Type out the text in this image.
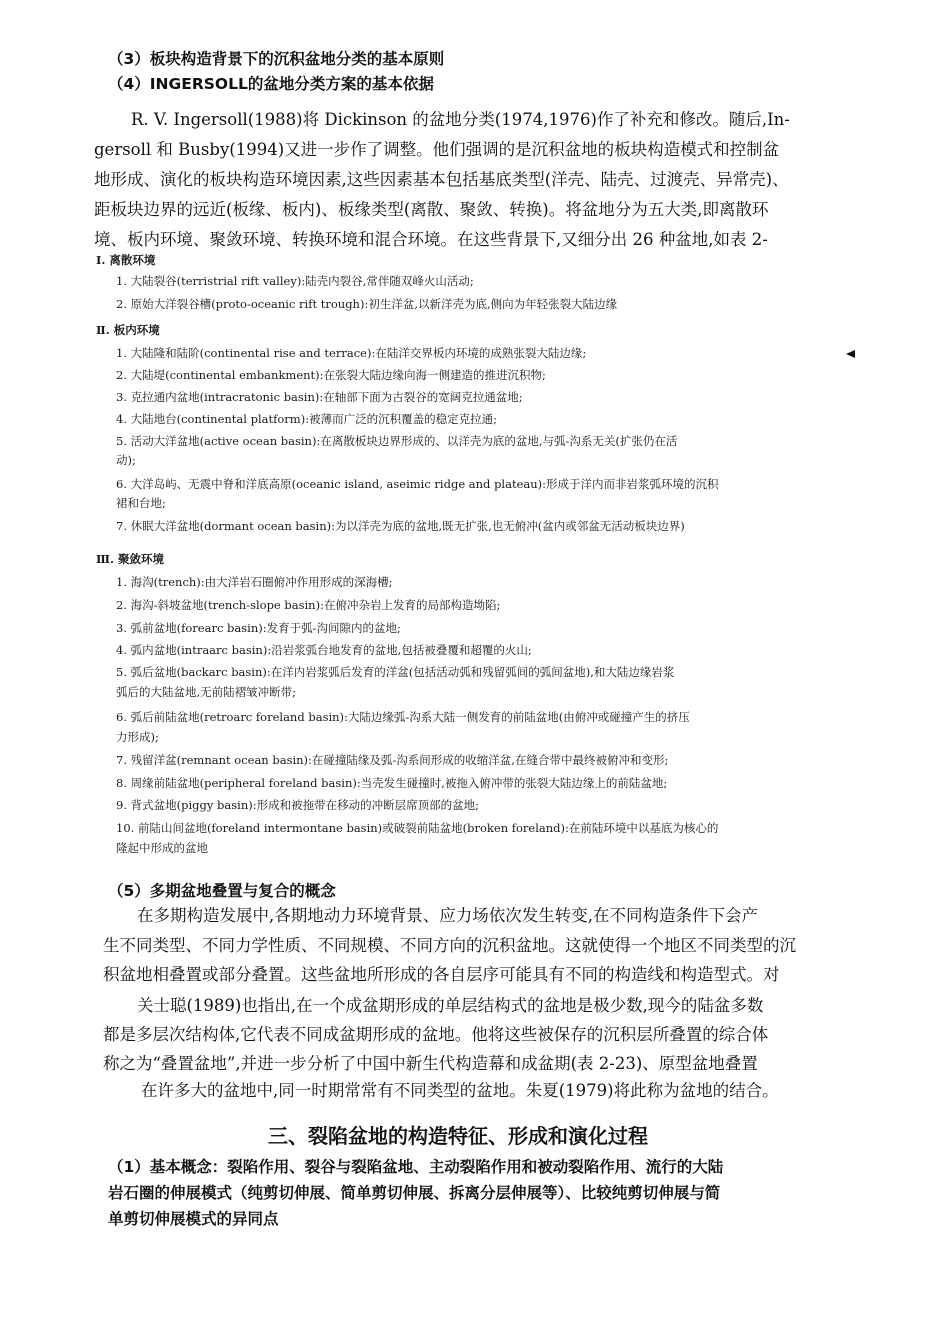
（3）板块构造背景下的沉积盆地分类的基本原则
（4）INGERSOLL的盆地分类方案的基本依据
R. V. Ingersoll(1988)将 Dickinson 的盆地分类(1974,1976)作了补充和修改。随后,In-
gersoll 和 Busby(1994)又进一步作了调整。他们强调的是沉积盆地的板块构造模式和控制盆
地形成、演化的板块构造环境因素,这些因素基本包括基底类型(洋壳、陆壳、过渡壳、异常壳)、
距板块边界的远近(板缘、板内)、板缘类型(离散、聚敛、转换)。将盆地分为五大类,即离散环
境、板内环境、聚敛环境、转换环境和混合环境。在这些背景下,又细分出 26 种盆地,如表 2-
Ⅰ. 离散环境
1. 大陆裂谷(terristrial rift valley):陆壳内裂谷,常伴随双峰火山活动;
2. 原始大洋裂谷槽(proto-oceanic rift trough):初生洋盆,以新洋壳为底,侧向为年轻张裂大陆边缘
Ⅱ. 板内环境
1. 大陆隆和陆阶(continental rise and terrace):在陆洋交界板内环境的成熟张裂大陆边缘;
2. 大陆堤(continental embankment):在张裂大陆边缘向海一侧建造的推进沉积物;
3. 克拉通内盆地(intracratonic basin):在轴部下面为古裂谷的宽阔克拉通盆地;
4. 大陆地台(continental platform):被薄而广泛的沉积覆盖的稳定克拉通;
5. 活动大洋盆地(active ocean basin):在离散板块边界形成的、以洋壳为底的盆地,与弧-沟系无关(扩张仍在活
动);
6. 大洋岛屿、无震中脊和洋底高原(oceanic island, aseimic ridge and plateau):形成于洋内而非岩浆弧环境的沉积
裙和台地;
7. 休眠大洋盆地(dormant ocean basin):为以洋壳为底的盆地,既无扩张,也无俯冲(盆内或邻盆无活动板块边界)
Ⅲ. 聚敛环境
1. 海沟(trench):由大洋岩石圈俯冲作用形成的深海槽;
2. 海沟-斜坡盆地(trench-slope basin):在俯冲杂岩上发育的局部构造坳陷;
3. 弧前盆地(forearc basin):发育于弧-沟间隙内的盆地;
4. 弧内盆地(intraarc basin):沿岩浆弧台地发育的盆地,包括被叠覆和超覆的火山;
5. 弧后盆地(backarc basin):在洋内岩浆弧后发育的洋盆(包括活动弧和残留弧间的弧间盆地),和大陆边缘岩浆
弧后的大陆盆地,无前陆褶皱冲断带;
6. 弧后前陆盆地(retroarc foreland basin):大陆边缘弧-沟系大陆一侧发育的前陆盆地(由俯冲或碰撞产生的挤压
力形成);
7. 残留洋盆(remnant ocean basin):在碰撞陆缘及弧-沟系间形成的收缩洋盆,在缝合带中最终被俯冲和变形;
8. 周缘前陆盆地(peripheral foreland basin):当壳发生碰撞时,被拖入俯冲带的张裂大陆边缘上的前陆盆地;
9. 背式盆地(piggy basin):形成和被拖带在移动的冲断层席顶部的盆地;
10. 前陆山间盆地(foreland intermontane basin)或破裂前陆盆地(broken foreland):在前陆环境中以基底为核心的
隆起中形成的盆地
（5）多期盆地叠置与复合的概念
在多期构造发展中,各期地动力环境背景、应力场依次发生转变,在不同构造条件下会产
生不同类型、不同力学性质、不同规模、不同方向的沉积盆地。这就使得一个地区不同类型的沉
积盆地相叠置或部分叠置。这些盆地所形成的各自层序可能具有不同的构造线和构造型式。对
关士聪(1989)也指出,在一个成盆期形成的单层结构式的盆地是极少数,现今的陆盆多数
都是多层次结构体,它代表不同成盆期形成的盆地。他将这些被保存的沉积层所叠置的综合体
称之为“叠置盆地”,并进一步分析了中国中新生代构造幕和成盆期(表 2-23)、原型盆地叠置
在许多大的盆地中,同一时期常常有不同类型的盆地。朱夏(1979)将此称为盆地的结合。
三、裂陷盆地的构造特征、形成和演化过程
（1）基本概念：裂陷作用、裂谷与裂陷盆地、主动裂陷作用和被动裂陷作用、流行的大陆
岩石圈的伸展模式（纯剪切伸展、简单剪切伸展、拆离分层伸展等）、比较纯剪切伸展与简
单剪切伸展模式的异同点
